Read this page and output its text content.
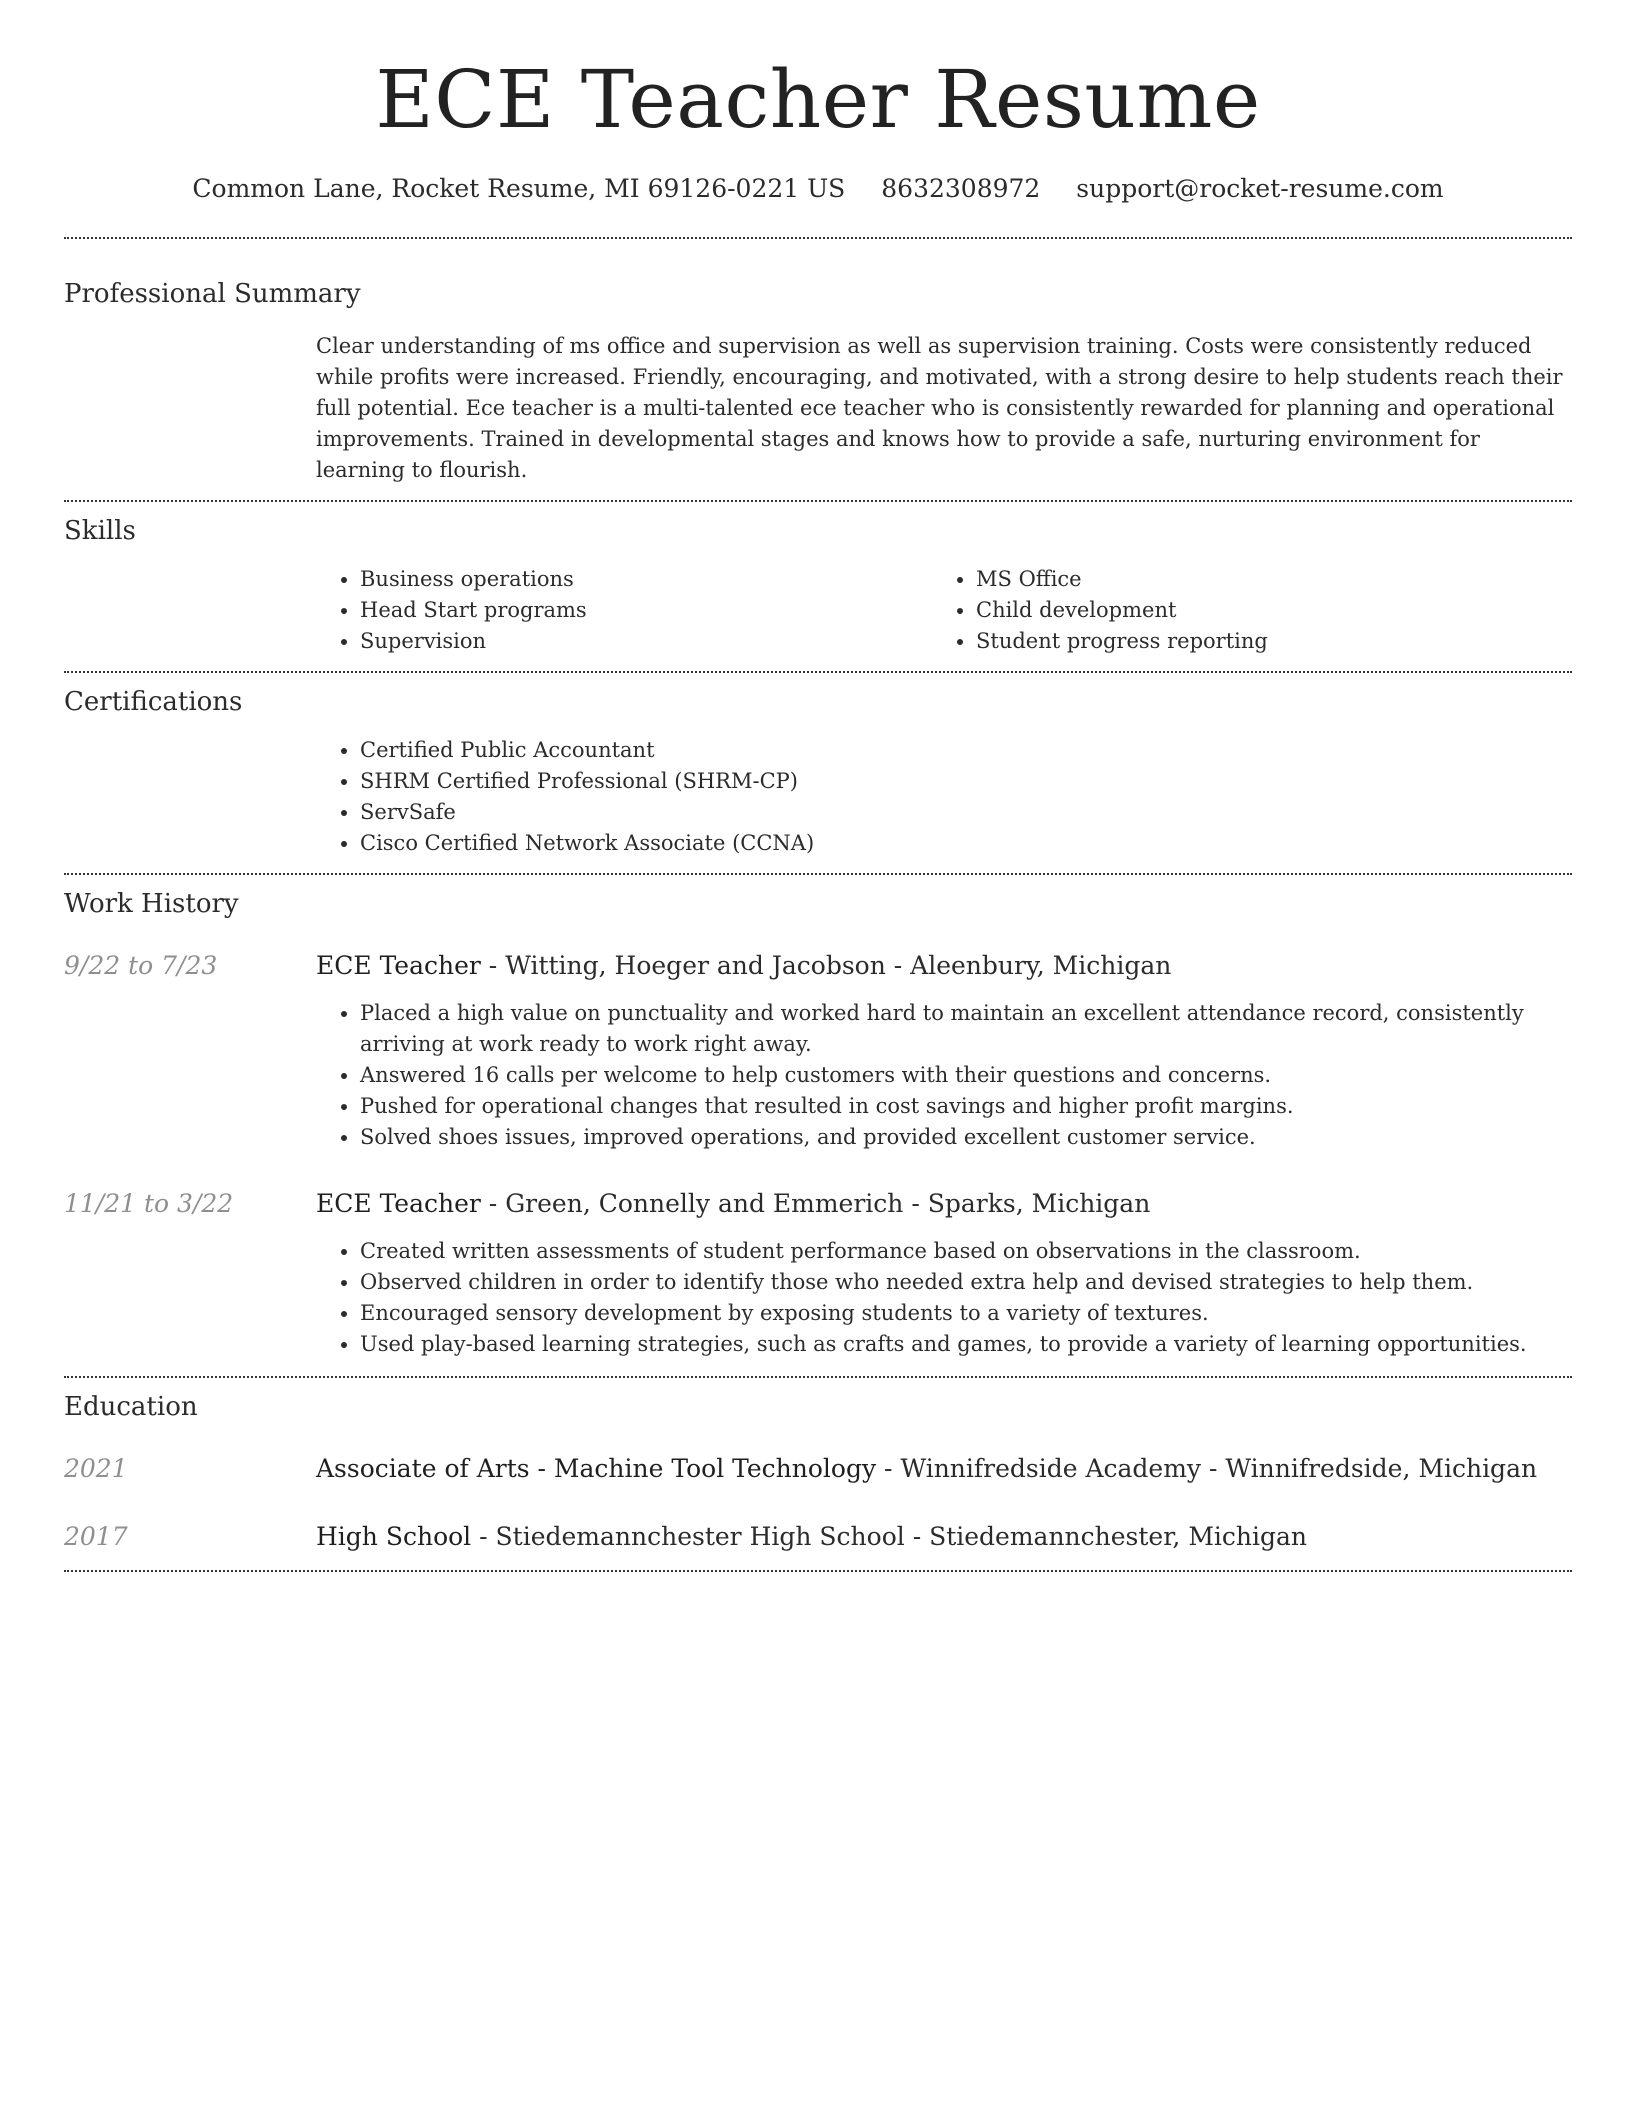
ECE Teacher Resume
Common Lane, Rocket Resume, MI 69126-0221 US 8632308972 support@rocket-resume.com
Professional Summary
Clear understanding of ms office and supervision as well as supervision training. Costs were consistently reduced while profits were increased. Friendly, encouraging, and motivated, with a strong desire to help students reach their full potential. Ece teacher is a multi-talented ece teacher who is consistently rewarded for planning and operational improvements. Trained in developmental stages and knows how to provide a safe, nurturing environment for learning to flourish.
Skills
• Business operations
• Head Start programs
• Supervision
• MS Office
• Child development
• Student progress reporting
Certifications
• Certified Public Accountant
• SHRM Certified Professional (SHRM-CP)
• ServSafe
• Cisco Certified Network Associate (CCNA)
Work History
9/22 to 7/23	ECE Teacher - Witting, Hoeger and Jacobson - Aleenbury, Michigan
• Placed a high value on punctuality and worked hard to maintain an excellent attendance record, consistently arriving at work ready to work right away.
• Answered 16 calls per welcome to help customers with their questions and concerns.
• Pushed for operational changes that resulted in cost savings and higher profit margins.
• Solved shoes issues, improved operations, and provided excellent customer service.
11/21 to 3/22	ECE Teacher - Green, Connelly and Emmerich - Sparks, Michigan
• Created written assessments of student performance based on observations in the classroom.
• Observed children in order to identify those who needed extra help and devised strategies to help them.
• Encouraged sensory development by exposing students to a variety of textures.
• Used play-based learning strategies, such as crafts and games, to provide a variety of learning opportunities.
Education
2021	Associate of Arts - Machine Tool Technology - Winnifredside Academy - Winnifredside, Michigan
2017	High School - Stiedemannchester High School - Stiedemannchester, Michigan
